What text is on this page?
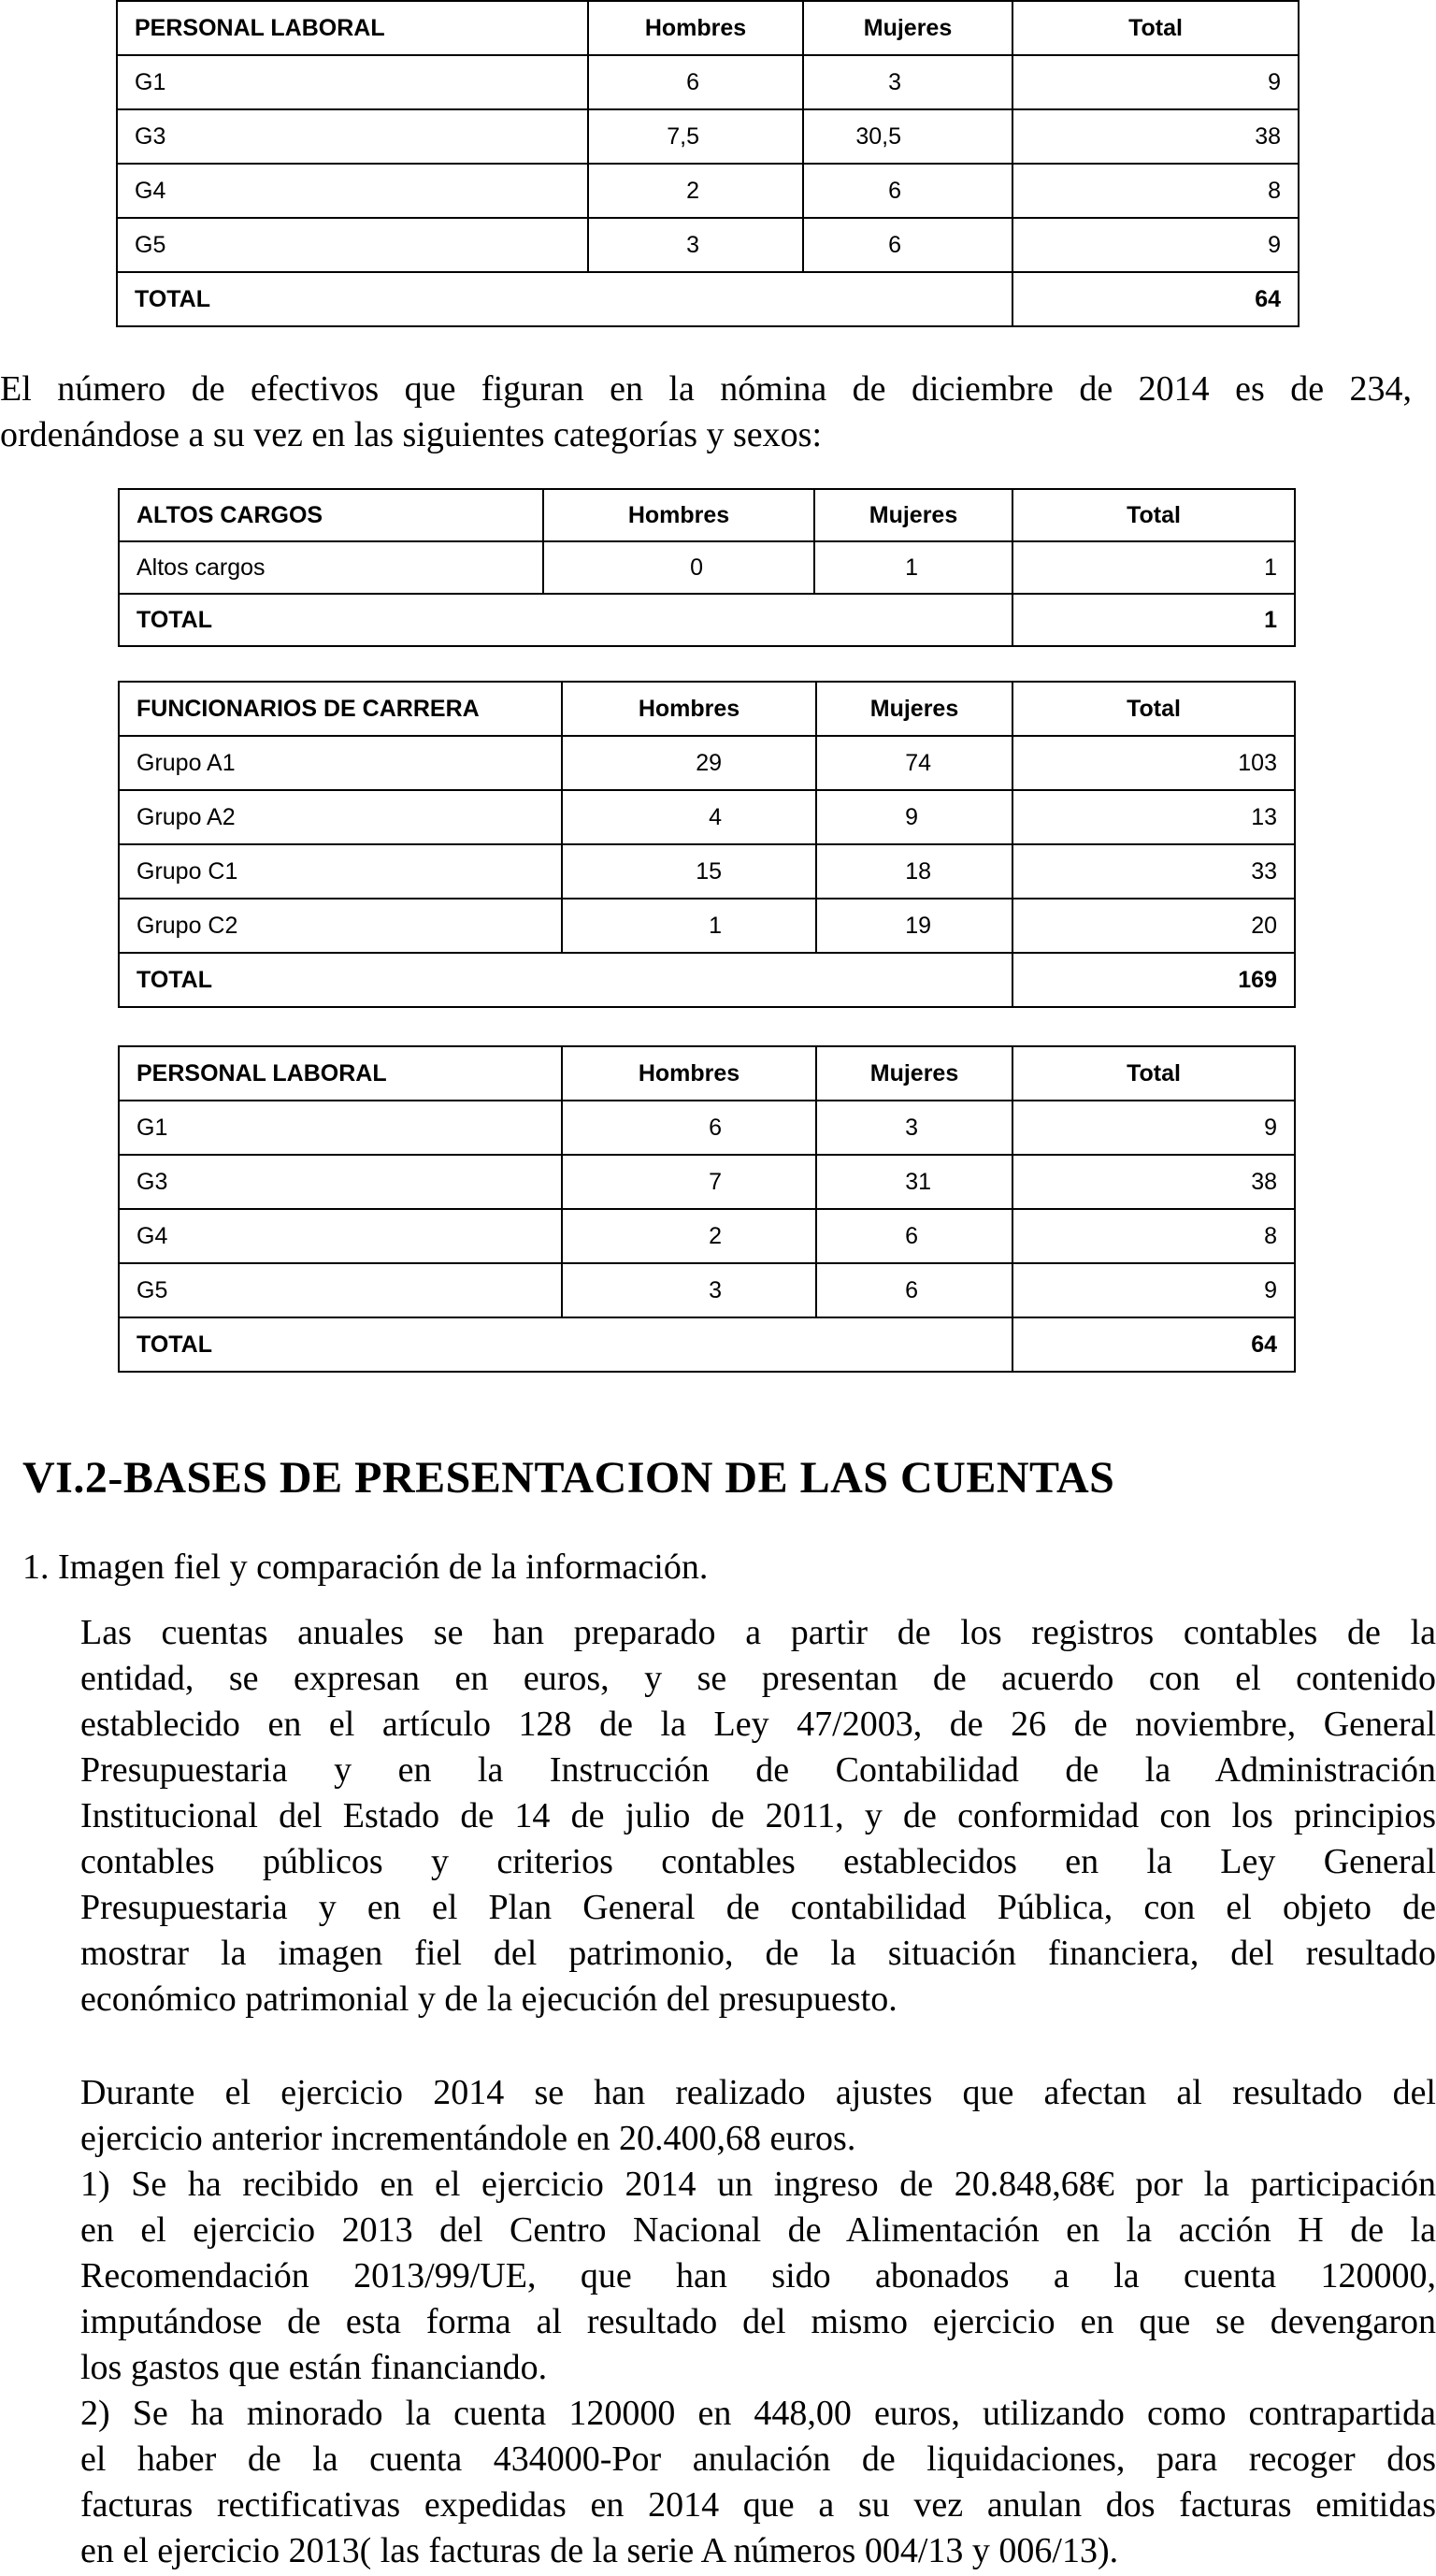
PERSONAL LABORAL	Hombres	Mujeres	Total
G1	6	3	9
G3	7,5	30,5	38
G4	2	6	8
G5	3	6	9
TOTAL			64
El número de efectivos que figuran en la nómina de diciembre de 2014 es de 234,
ordenándose a su vez en las siguientes categorías y sexos:
ALTOS CARGOS	Hombres	Mujeres	Total
Altos cargos	0	1	1
TOTAL			1
FUNCIONARIOS DE CARRERA	Hombres	Mujeres	Total
Grupo A1	29	74	103
Grupo A2	4	9	13
Grupo C1	15	18	33
Grupo C2	1	19	20
TOTAL			169
PERSONAL LABORAL	Hombres	Mujeres	Total
G1	6	3	9
G3	7	31	38
G4	2	6	8
G5	3	6	9
TOTAL			64
VI.2-BASES DE PRESENTACION DE LAS CUENTAS

1. Imagen fiel y comparación de la información.

Las cuentas anuales se han preparado a partir de los registros contables de la
entidad, se expresan en euros, y se presentan de acuerdo con el contenido
establecido en el artículo 128 de la Ley 47/2003, de 26 de noviembre, General
Presupuestaria y en la Instrucción de Contabilidad de la Administración
Institucional del Estado de 14 de julio de 2011, y de conformidad con los principios
contables públicos y criterios contables establecidos en la Ley General
Presupuestaria y en el Plan General de contabilidad Pública, con el objeto de
mostrar la imagen fiel del patrimonio, de la situación financiera, del resultado
económico patrimonial y de la ejecución del presupuesto.
Durante el ejercicio 2014 se han realizado ajustes que afectan al resultado del
ejercicio anterior incrementándole en 20.400,68 euros.
1) Se ha recibido en el ejercicio 2014 un ingreso de 20.848,68€ por la participación
en el ejercicio 2013 del Centro Nacional de Alimentación en la acción H de la
Recomendación 2013/99/UE, que han sido abonados a la cuenta 120000,
imputándose de esta forma al resultado del mismo ejercicio en que se devengaron
los gastos que están financiando.
2) Se ha minorado la cuenta 120000 en 448,00 euros, utilizando como contrapartida
el haber de la cuenta 434000-Por anulación de liquidaciones, para recoger dos
facturas rectificativas expedidas en 2014 que a su vez anulan dos facturas emitidas
en el ejercicio 2013( las facturas de la serie A números 004/13 y 006/13).
